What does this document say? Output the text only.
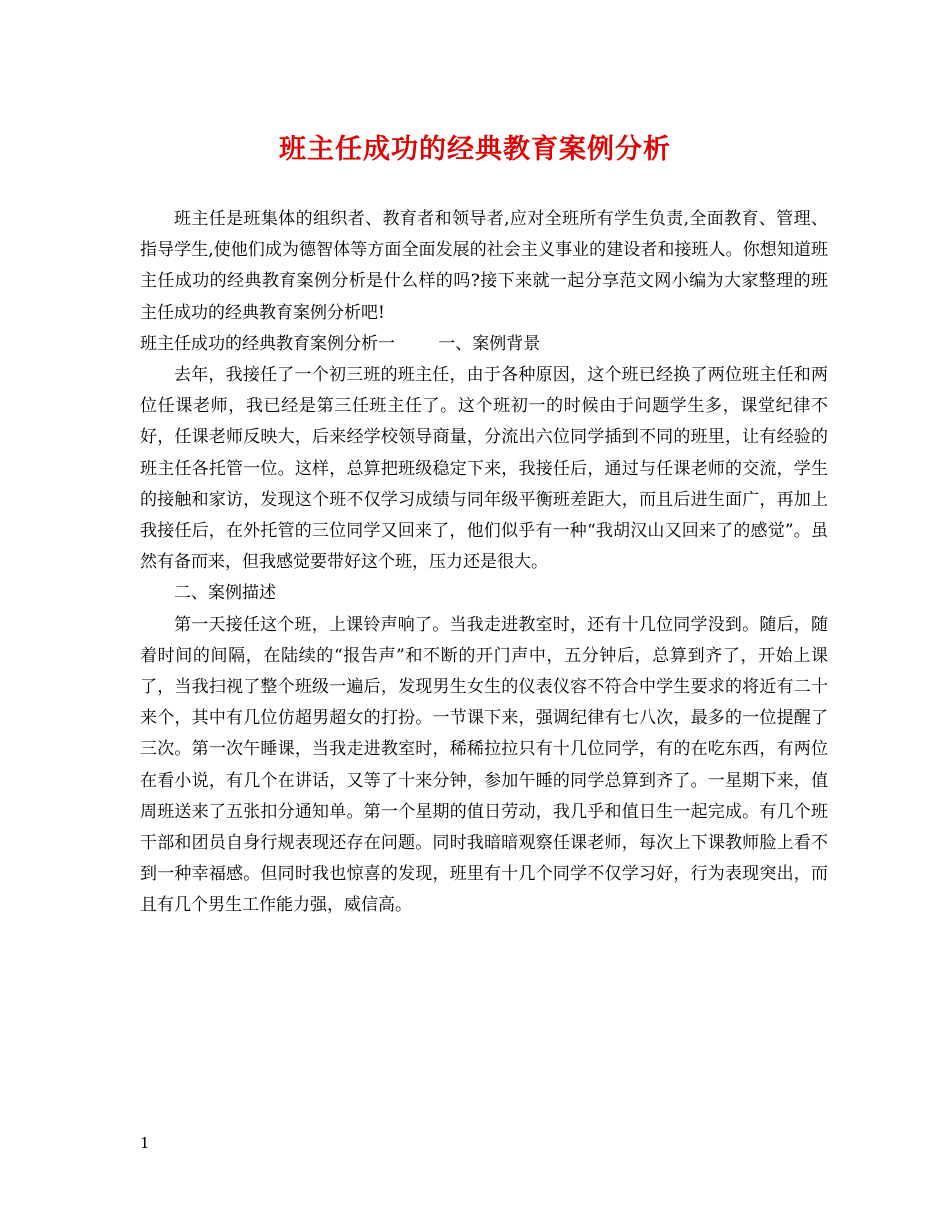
班主任成功的经典教育案例分析

班主任是班集体的组织者、教育者和领导者,应对全班所有学生负责,全面教育、管理、指导学生,使他们成为德智体等方面全面发展的社会主义事业的建设者和接班人。你想知道班主任成功的经典教育案例分析是什么样的吗?接下来就一起分享范文网小编为大家整理的班主任成功的经典教育案例分析吧!

班主任成功的经典教育案例分析一	一、案例背景

去年，我接任了一个初三班的班主任，由于各种原因，这个班已经换了两位班主任和两位任课老师，我已经是第三任班主任了。这个班初一的时候由于问题学生多，课堂纪律不好，任课老师反映大，后来经学校领导商量，分流出六位同学插到不同的班里，让有经验的班主任各托管一位。这样，总算把班级稳定下来，我接任后，通过与任课老师的交流，学生的接触和家访，发现这个班不仅学习成绩与同年级平衡班差距大，而且后进生面广，再加上我接任后，在外托管的三位同学又回来了，他们似乎有一种“我胡汉山又回来了的感觉”。虽然有备而来，但我感觉要带好这个班，压力还是很大。

二、案例描述

第一天接任这个班，上课铃声响了。当我走进教室时，还有十几位同学没到。随后，随着时间的间隔，在陆续的“报告声”和不断的开门声中，五分钟后，总算到齐了，开始上课了，当我扫视了整个班级一遍后，发现男生女生的仪表仪容不符合中学生要求的将近有二十来个，其中有几位仿超男超女的打扮。一节课下来，强调纪律有七八次，最多的一位提醒了三次。第一次午睡课，当我走进教室时，稀稀拉拉只有十几位同学，有的在吃东西，有两位在看小说，有几个在讲话，又等了十来分钟，参加午睡的同学总算到齐了。一星期下来，值周班送来了五张扣分通知单。第一个星期的值日劳动，我几乎和值日生一起完成。有几个班干部和团员自身行规表现还存在问题。同时我暗暗观察任课老师，每次上下课教师脸上看不到一种幸福感。但同时我也惊喜的发现，班里有十几个同学不仅学习好，行为表现突出，而且有几个男生工作能力强，威信高。

1
